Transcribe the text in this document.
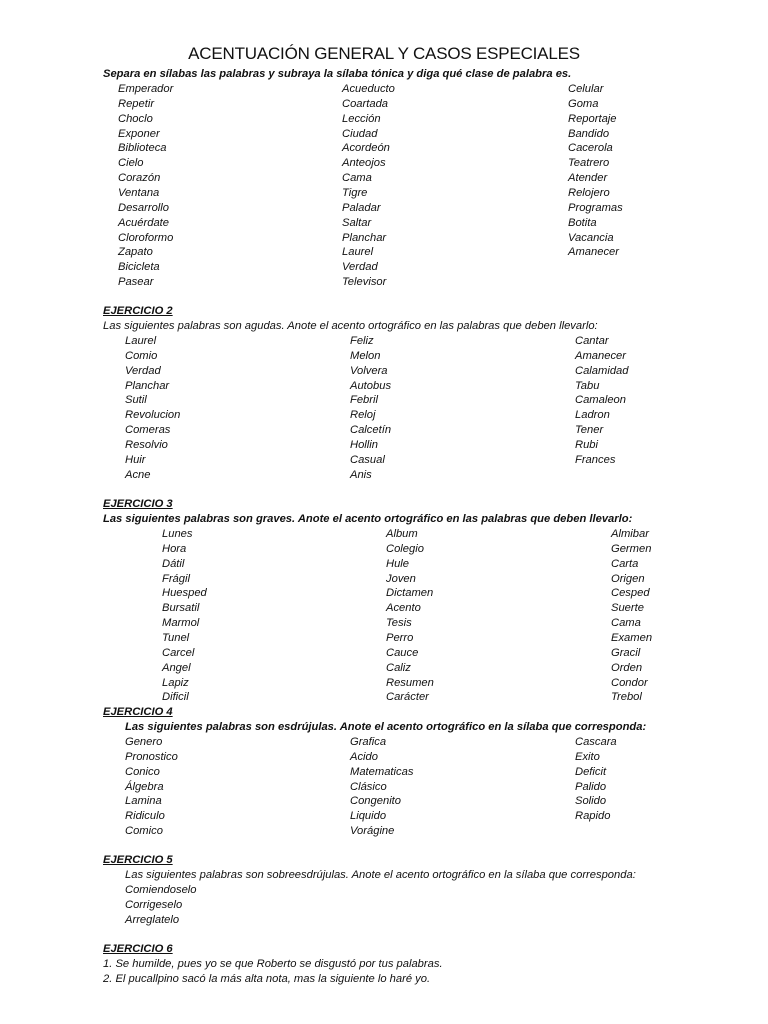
ACENTUACIÓN GENERAL Y CASOS ESPECIALES
Separa en sílabas las palabras y subraya la sílaba tónica y diga qué clase de palabra es.
Emperador
Repetir
Choclo
Exponer
Biblioteca
Cielo
Corazón
Ventana
Desarrollo
Acuérdate
Cloroformo
Zapato
Bicicleta
Pasear
Acueducto
Coartada
Lección
Ciudad
Acordeón
Anteojos
Cama
Tigre
Paladar
Saltar
Planchar
Laurel
Verdad
Televisor
Celular
Goma
Reportaje
Bandido
Cacerola
Teatrero
Atender
Relojero
Programas
Botita
Vacancia
Amanecer
EJERCICIO 2
Las siguientes palabras son agudas. Anote el acento ortográfico en las palabras que deben llevarlo:
Laurel
Comio
Verdad
Planchar
Sutil
Revolucion
Comeras
Resolvio
Huir
Acne
Feliz
Melon
Volvera
Autobus
Febril
Reloj
Calcetín
Hollin
Casual
Anis
Cantar
Amanecer
Calamidad
Tabu
Camaleon
Ladron
Tener
Rubi
Frances
EJERCICIO 3
Las siguientes palabras son graves. Anote el acento ortográfico en las palabras que deben llevarlo:
Lunes
Hora
Dátil
Frágil
Huesped
Bursatil
Marmol
Tunel
Carcel
Angel
Lapiz
Dificil
Album
Colegio
Hule
Joven
Dictamen
Acento
Tesis
Perro
Cauce
Caliz
Resumen
Carácter
Almibar
Germen
Carta
Origen
Cesped
Suerte
Cama
Examen
Gracil
Orden
Condor
Trebol
EJERCICIO 4
Las siguientes palabras son esdrújulas. Anote el acento ortográfico en la sílaba que corresponda:
Genero
Pronostico
Conico
Álgebra
Lamina
Ridiculo
Comico
Grafica
Acido
Matematicas
Clásico
Congenito
Liquido
Vorágine
Cascara
Exito
Deficit
Palido
Solido
Rapido
EJERCICIO 5
Las siguientes palabras son sobreesdrújulas. Anote el acento ortográfico en la sílaba que corresponda:
Comiendoselo
Corrigeselo
Arreglatelo
EJERCICIO 6
1. Se humilde, pues yo se que Roberto se disgustó por tus palabras.
2. El pucallpino sacó la más alta nota, mas la siguiente lo haré yo.
